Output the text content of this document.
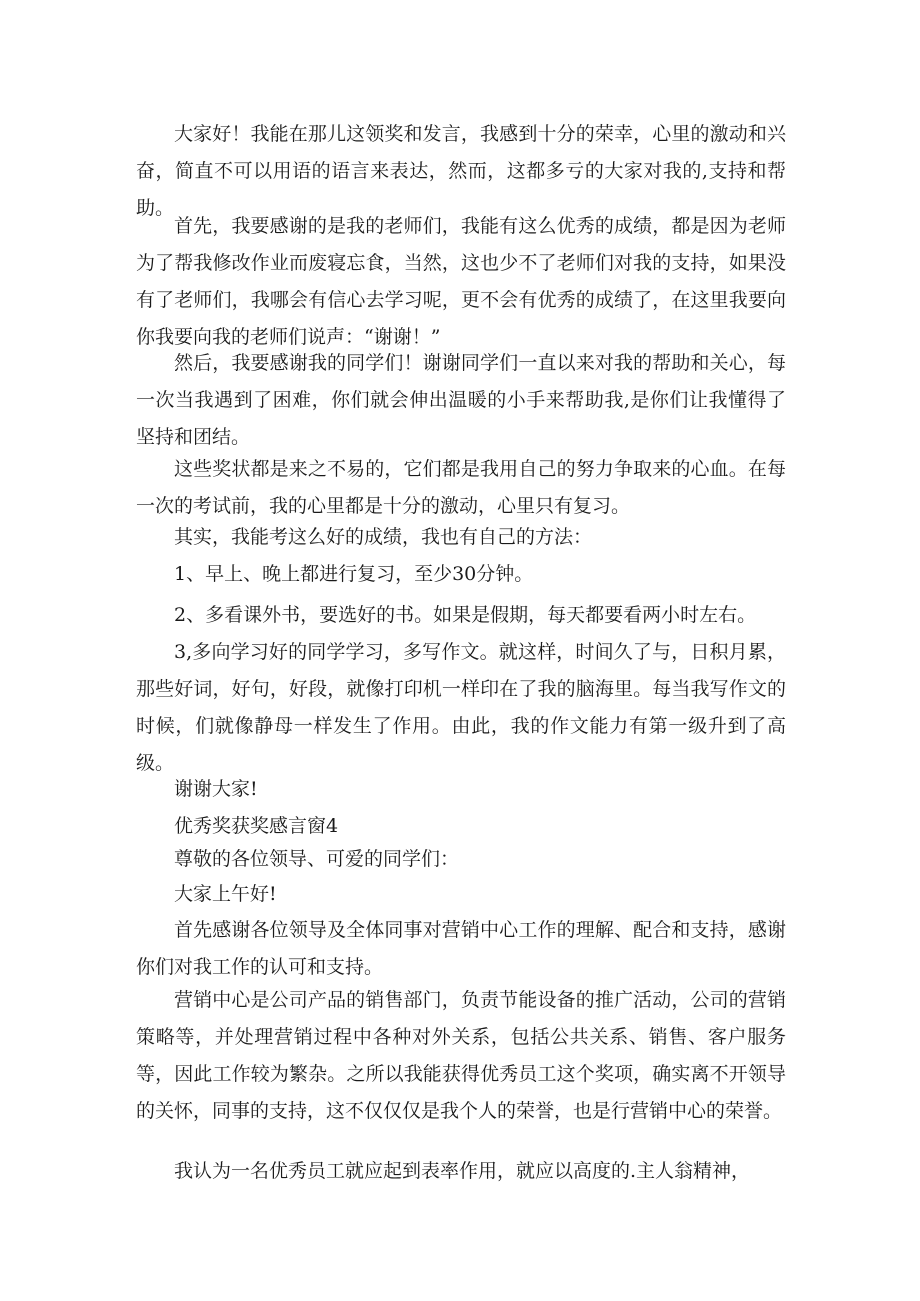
大家好！我能在那儿这领奖和发言，我感到十分的荣幸，心里的激动和兴奋，简直不可以用语的语言来表达，然而，这都多亏的大家对我的,支持和帮助。

首先，我要感谢的是我的老师们，我能有这么优秀的成绩，都是因为老师为了帮我修改作业而废寝忘食，当然，这也少不了老师们对我的支持，如果没有了老师们，我哪会有信心去学习呢，更不会有优秀的成绩了，在这里我要向你我要向我的老师们说声：“谢谢！”

然后，我要感谢我的同学们！谢谢同学们一直以来对我的帮助和关心，每一次当我遇到了困难，你们就会伸出温暖的小手来帮助我,是你们让我懂得了坚持和团结。

这些奖状都是来之不易的，它们都是我用自己的努力争取来的心血。在每一次的考试前，我的心里都是十分的激动，心里只有复习。

其实，我能考这么好的成绩，我也有自己的方法：

1、早上、晚上都进行复习，至少30分钟。

2、多看课外书，要选好的书。如果是假期，每天都要看两小时左右。

3,多向学习好的同学学习，多写作文。就这样，时间久了与，日积月累，那些好词，好句，好段，就像打印机一样印在了我的脑海里。每当我写作文的时候，们就像静母一样发生了作用。由此，我的作文能力有第一级升到了高级。

谢谢大家!

优秀奖获奖感言窗4

尊敬的各位领导、可爱的同学们：

大家上午好!

首先感谢各位领导及全体同事对营销中心工作的理解、配合和支持，感谢你们对我工作的认可和支持。

营销中心是公司产品的销售部门，负责节能设备的推广活动，公司的营销策略等，并处理营销过程中各种对外关系，包括公共关系、销售、客户服务等，因此工作较为繁杂。之所以我能获得优秀员工这个奖项，确实离不开领导的关怀，同事的支持，这不仅仅仅是我个人的荣誉，也是行营销中心的荣誉。

我认为一名优秀员工就应起到表率作用，就应以高度的.主人翁精神，
